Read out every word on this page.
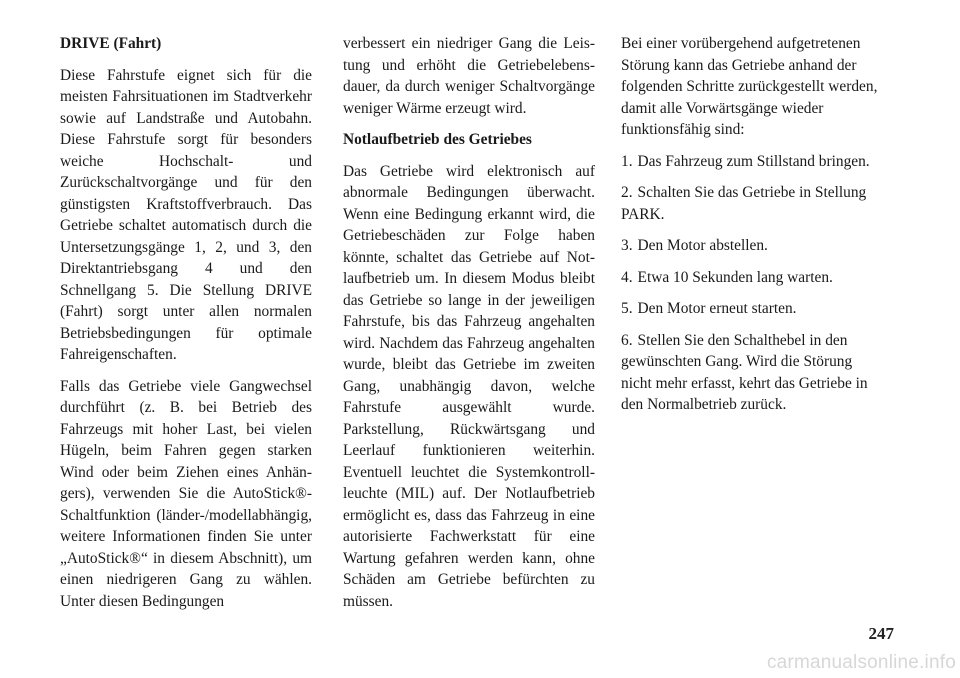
DRIVE (Fahrt)

Diese Fahrstufe eignet sich für die meisten Fahrsituationen im Stadtverkehr sowie auf Landstraße und Autobahn. Diese Fahrstufe sorgt für besonders weiche Hochschalt- und Zurückschaltvorgänge und für den günstigsten Kraftstoffverbrauch. Das Getriebe schaltet automatisch durch die Untersetzungsgänge 1, 2, und 3, den Direktantriebsgang 4 und den Schnellgang 5. Die Stellung DRIVE (Fahrt) sorgt unter allen normalen Betriebsbedingungen für optimale Fahreigenschaften.

Falls das Getriebe viele Gangwechsel durchführt (z. B. bei Betrieb des Fahrzeugs mit hoher Last, bei vielen Hügeln, beim Fahren gegen starken Wind oder beim Ziehen eines Anhängers), verwenden Sie die AutoStick®-Schaltfunktion (länder-/modellabhängig, weitere Informationen finden Sie unter „AutoStick®“ in diesem Abschnitt), um einen niedrigeren Gang zu wählen. Unter diesen Bedingungen

verbessert ein niedriger Gang die Leistung und erhöht die Getriebelebensdauer, da durch weniger Schaltvorgänge weniger Wärme erzeugt wird.

Notlaufbetrieb des Getriebes

Das Getriebe wird elektronisch auf abnormale Bedingungen überwacht. Wenn eine Bedingung erkannt wird, die Getriebeschäden zur Folge haben könnte, schaltet das Getriebe auf Notlaufbetrieb um. In diesem Modus bleibt das Getriebe so lange in der jeweiligen Fahrstufe, bis das Fahrzeug angehalten wird. Nachdem das Fahrzeug angehalten wurde, bleibt das Getriebe im zweiten Gang, unabhängig davon, welche Fahrstufe ausgewählt wurde. Parkstellung, Rückwärtsgang und Leerlauf funktionieren weiterhin. Eventuell leuchtet die Systemkontrollleuchte (MIL) auf. Der Notlaufbetrieb ermöglicht es, dass das Fahrzeug in eine autorisierte Fachwerkstatt für eine Wartung gefahren werden kann, ohne Schäden am Getriebe befürchten zu müssen.

Bei einer vorübergehend aufgetretenen Störung kann das Getriebe anhand der folgenden Schritte zurückgestellt werden, damit alle Vorwärtsgänge wieder funktionsfähig sind:

1. Das Fahrzeug zum Stillstand bringen.

2. Schalten Sie das Getriebe in Stellung PARK.

3. Den Motor abstellen.

4. Etwa 10 Sekunden lang warten.

5. Den Motor erneut starten.

6. Stellen Sie den Schalthebel in den gewünschten Gang. Wird die Störung nicht mehr erfasst, kehrt das Getriebe in den Normalbetrieb zurück.

247
carmanualsonline.info
